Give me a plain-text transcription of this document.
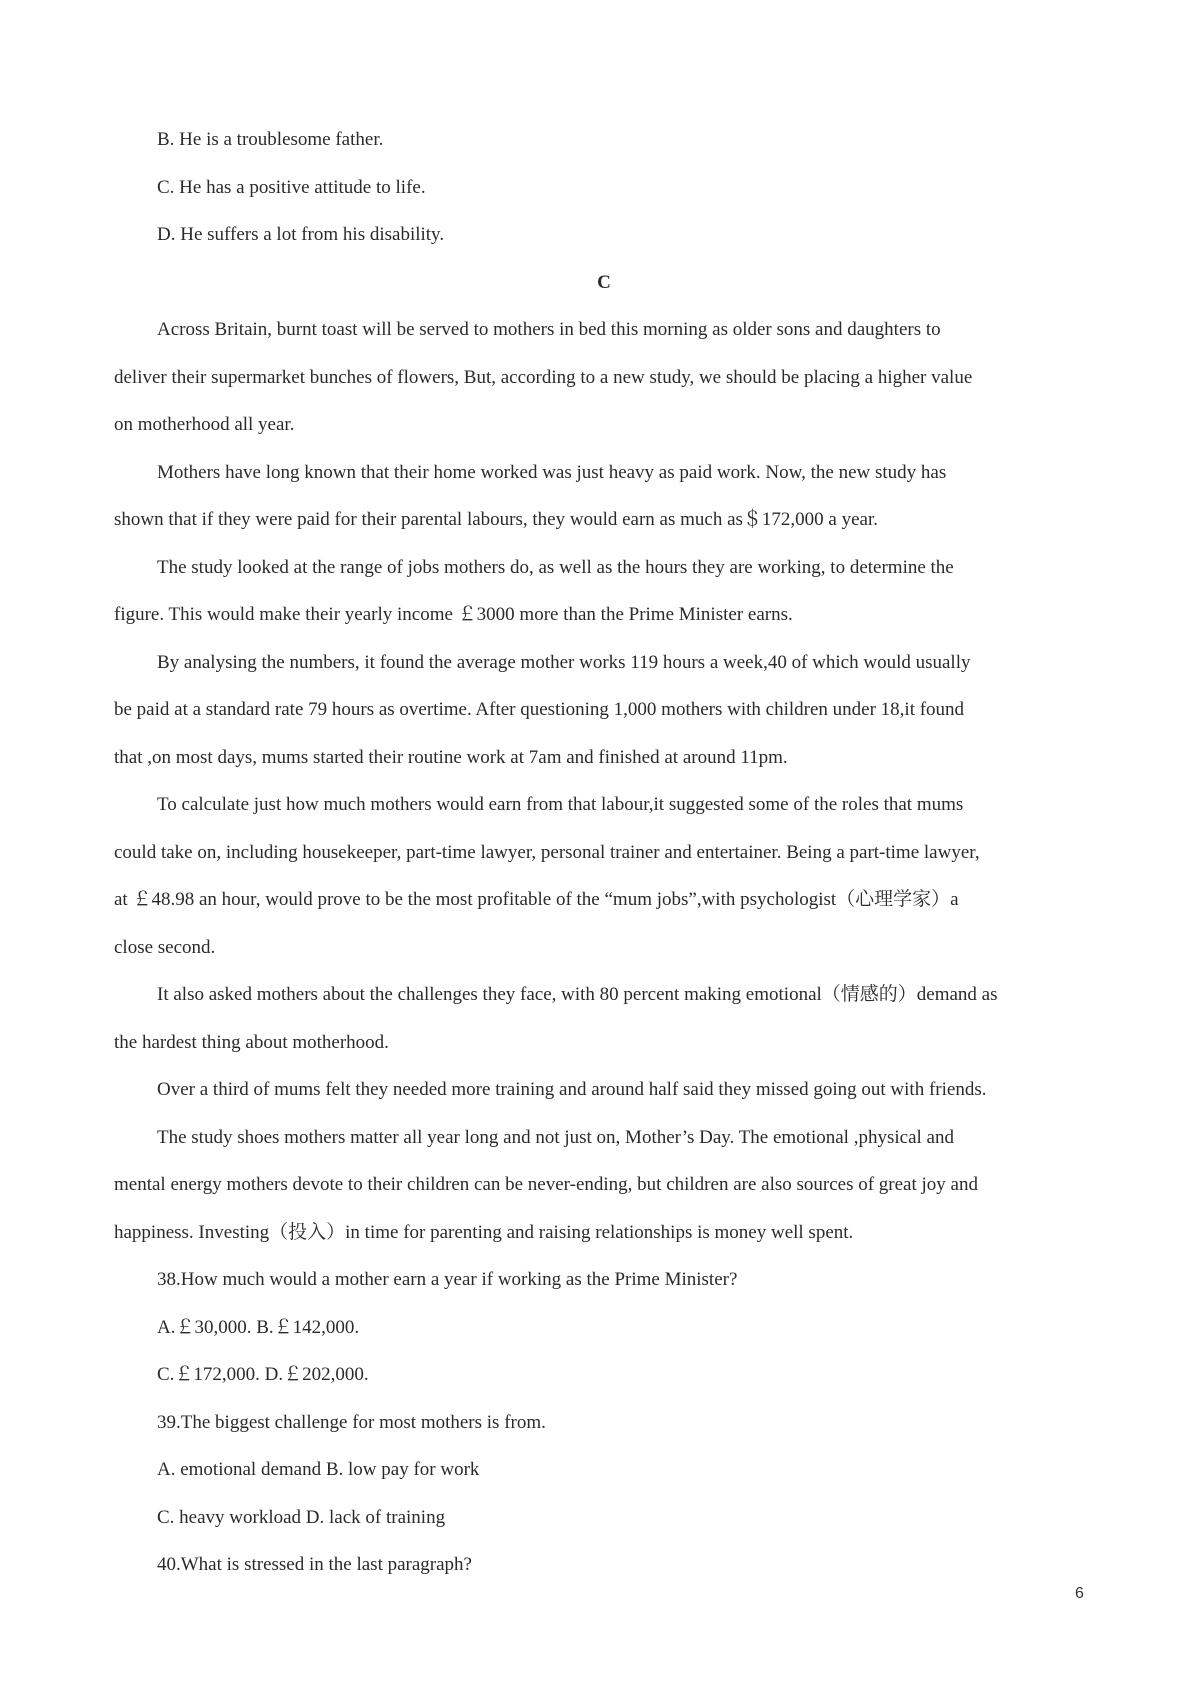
B. He is a troublesome father.
C. He has a positive attitude to life.
D. He suffers a lot from his disability.
C
Across Britain, burnt toast will be served to mothers in bed this morning as older sons and daughters to
deliver their supermarket bunches of flowers, But, according to a new study, we should be placing a higher value
on motherhood all year.
Mothers have long known that their home worked was just heavy as paid work. Now, the new study has
shown that if they were paid for their parental labours, they would earn as much as＄172,000 a year.
The study looked at the range of jobs mothers do, as well as the hours they are working, to determine the
figure. This would make their yearly income ￡3000 more than the Prime Minister earns.
By analysing the numbers, it found the average mother works 119 hours a week,40 of which would usually
be paid at a standard rate 79 hours as overtime. After questioning 1,000 mothers with children under 18,it found
that ,on most days, mums started their routine work at 7am and finished at around 11pm.
To calculate just how much mothers would earn from that labour,it suggested some of the roles that mums
could take on, including housekeeper, part-time lawyer, personal trainer and entertainer. Being a part-time lawyer,
at ￡48.98 an hour, would prove to be the most profitable of the “mum jobs”,with psychologist（心理学家）a
close second.
It also asked mothers about the challenges they face, with 80 percent making emotional（情感的）demand as
the hardest thing about motherhood.
Over a third of mums felt they needed more training and around half said they missed going out with friends.
The study shoes mothers matter all year long and not just on, Mother’s Day. The emotional ,physical and
mental energy mothers devote to their children can be never-ending, but children are also sources of great joy and
happiness. Investing（投入）in time for parenting and raising relationships is money well spent.
38.How much would a mother earn a year if working as the Prime Minister?
A.￡30,000. B.￡142,000.
C.￡172,000. D.￡202,000.
39.The biggest challenge for most mothers is from.
A. emotional demand B. low pay for work
C. heavy workload D. lack of training
40.What is stressed in the last paragraph?
6
